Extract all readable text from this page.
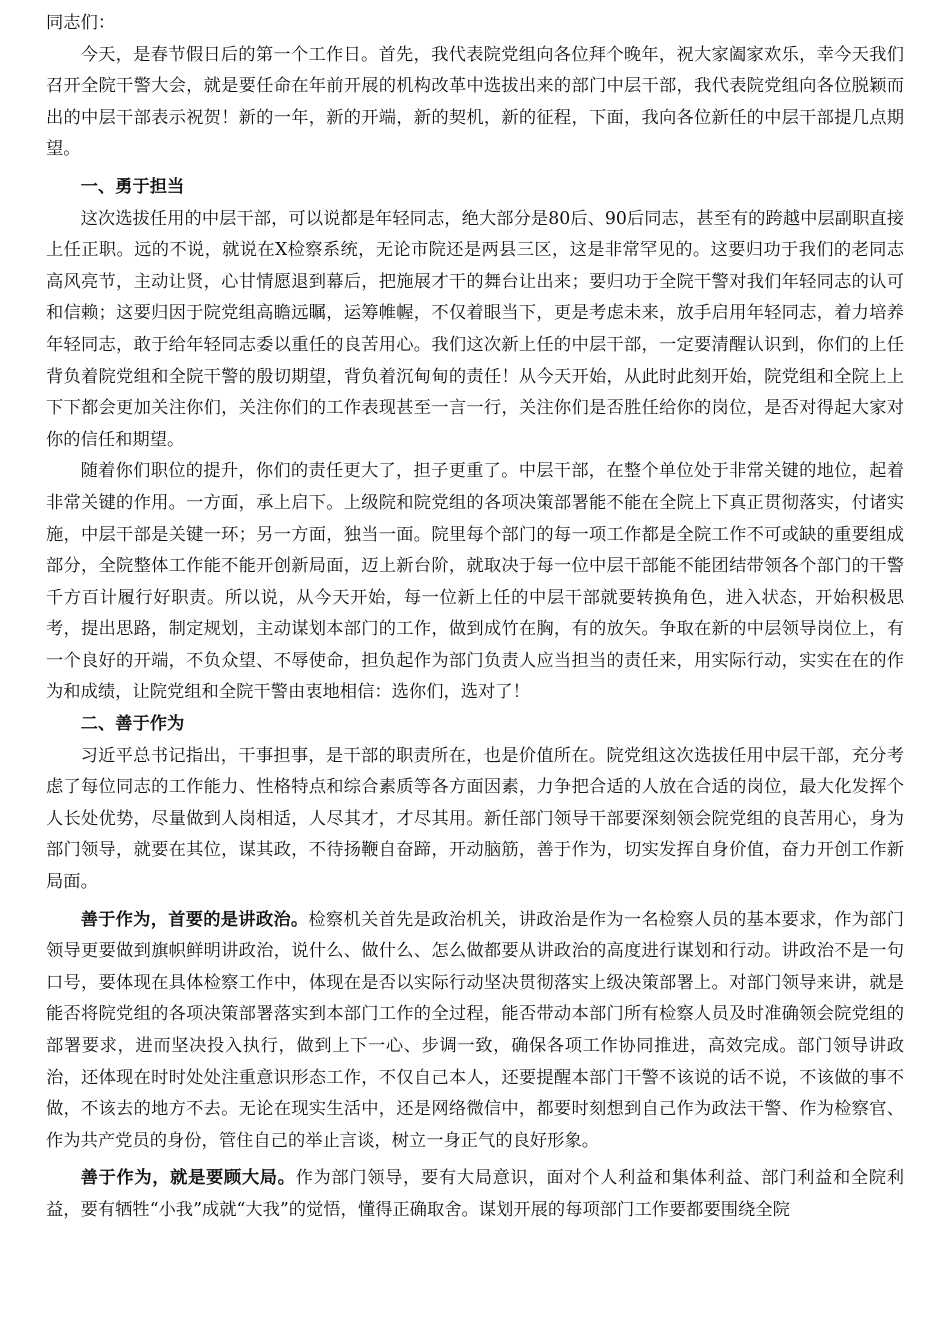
同志们：

今天，是春节假日后的第一个工作日。首先，我代表院党组向各位拜个晚年，祝大家阖家欢乐，幸今天我们召开全院干警大会，就是要任命在年前开展的机构改革中选拔出来的部门中层干部，我代表院党组向各位脱颖而出的中层干部表示祝贺！新的一年，新的开端，新的契机，新的征程，下面，我向各位新任的中层干部提几点期望。

一、勇于担当

这次选拔任用的中层干部，可以说都是年轻同志，绝大部分是80后、90后同志，甚至有的跨越中层副职直接上任正职。远的不说，就说在X检察系统，无论市院还是两县三区，这是非常罕见的。这要归功于我们的老同志高风亮节，主动让贤，心甘情愿退到幕后，把施展才干的舞台让出来；要归功于全院干警对我们年轻同志的认可和信赖；这要归因于院党组高瞻远瞩，运筹帷幄，不仅着眼当下，更是考虑未来，放手启用年轻同志，着力培养年轻同志，敢于给年轻同志委以重任的良苦用心。我们这次新上任的中层干部，一定要清醒认识到，你们的上任背负着院党组和全院干警的殷切期望，背负着沉甸甸的责任！从今天开始，从此时此刻开始，院党组和全院上上下下都会更加关注你们，关注你们的工作表现甚至一言一行，关注你们是否胜任给你的岗位，是否对得起大家对你的信任和期望。

随着你们职位的提升，你们的责任更大了，担子更重了。中层干部，在整个单位处于非常关键的地位，起着非常关键的作用。一方面，承上启下。上级院和院党组的各项决策部署能不能在全院上下真正贯彻落实，付诸实施，中层干部是关键一环；另一方面，独当一面。院里每个部门的每一项工作都是全院工作不可或缺的重要组成部分，全院整体工作能不能开创新局面，迈上新台阶，就取决于每一位中层干部能不能团结带领各个部门的干警千方百计履行好职责。所以说，从今天开始，每一位新上任的中层干部就要转换角色，进入状态，开始积极思考，提出思路，制定规划，主动谋划本部门的工作，做到成竹在胸，有的放矢。争取在新的中层领导岗位上，有一个良好的开端，不负众望、不辱使命，担负起作为部门负责人应当担当的责任来，用实际行动，实实在在的作为和成绩，让院党组和全院干警由衷地相信：选你们，选对了！

二、善于作为

习近平总书记指出，干事担事，是干部的职责所在，也是价值所在。院党组这次选拔任用中层干部，充分考虑了每位同志的工作能力、性格特点和综合素质等各方面因素，力争把合适的人放在合适的岗位，最大化发挥个人长处优势，尽量做到人岗相适，人尽其才，才尽其用。新任部门领导干部要深刻领会院党组的良苦用心，身为部门领导，就要在其位，谋其政，不待扬鞭自奋蹄，开动脑筋，善于作为，切实发挥自身价值，奋力开创工作新局面。

善于作为，首要的是讲政治。检察机关首先是政治机关，讲政治是作为一名检察人员的基本要求，作为部门领导更要做到旗帜鲜明讲政治，说什么、做什么、怎么做都要从讲政治的高度进行谋划和行动。讲政治不是一句口号，要体现在具体检察工作中，体现在是否以实际行动坚决贯彻落实上级决策部署上。对部门领导来讲，就是能否将院党组的各项决策部署落实到本部门工作的全过程，能否带动本部门所有检察人员及时准确领会院党组的部署要求，进而坚决投入执行，做到上下一心、步调一致，确保各项工作协同推进，高效完成。部门领导讲政治，还体现在时时处处注重意识形态工作，不仅自己本人，还要提醒本部门干警不该说的话不说，不该做的事不做，不该去的地方不去。无论在现实生活中，还是网络微信中，都要时刻想到自己作为政法干警、作为检察官、作为共产党员的身份，管住自己的举止言谈，树立一身正气的良好形象。

善于作为，就是要顾大局。作为部门领导，要有大局意识，面对个人利益和集体利益、部门利益和全院利益，要有牺牲“小我”成就“大我”的觉悟，懂得正确取舍。谋划开展的每项部门工作要都要围绕全院
